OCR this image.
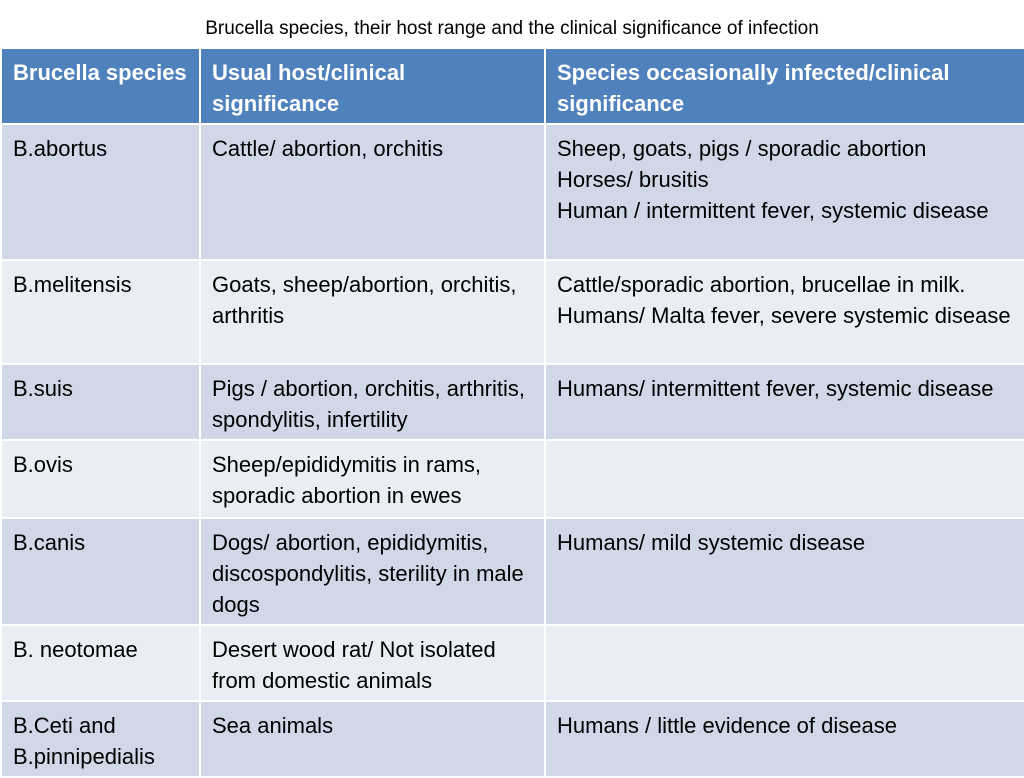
Brucella species, their host range and the clinical significance of infection
Brucella species	Usual host/clinical significance	Species occasionally infected/clinical significance
B.abortus	Cattle/ abortion, orchitis	Sheep, goats, pigs / sporadic abortion
Horses/ brusitis
Human / intermittent fever, systemic disease

B.melitensis	Goats, sheep/abortion, orchitis, arthritis	Cattle/sporadic abortion, brucellae in milk.
Humans/ Malta fever, severe systemic disease

B.suis	Pigs / abortion, orchitis, arthritis, spondylitis, infertility	Humans/ intermittent fever, systemic disease

B.ovis	Sheep/epididymitis in rams, sporadic abortion in ewes	
B.canis	Dogs/ abortion, epididymitis, discospondylitis, sterility in male dogs	Humans/ mild systemic disease

B. neotomae	Desert wood rat/ Not isolated from domestic animals	
B.Ceti and B.pinnipedialis	Sea animals	Humans / little evidence of disease
